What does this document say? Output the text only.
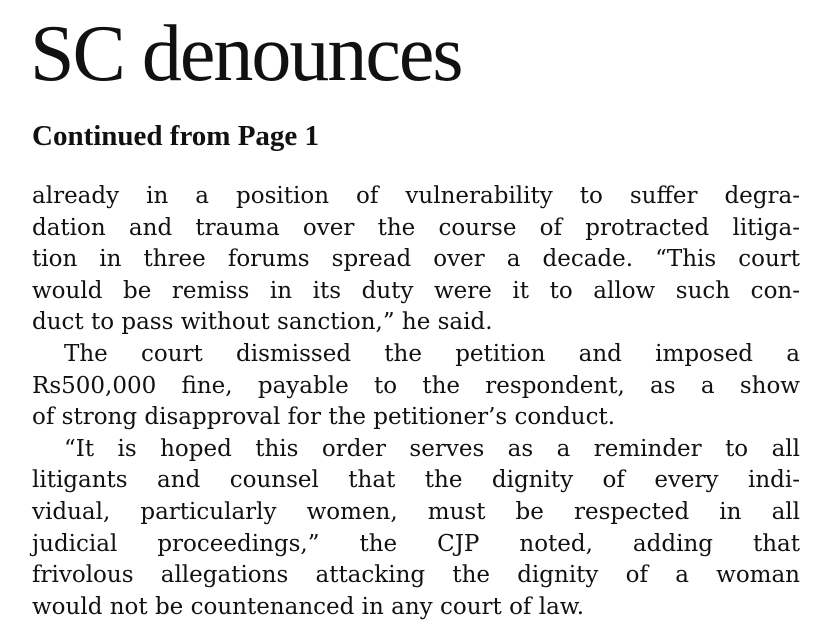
SC denounces
Continued from Page 1
already in a position of vulnerability to suffer degra-
dation and trauma over the course of protracted litiga-
tion in three forums spread over a decade. “This court
would be remiss in its duty were it to allow such con-
duct to pass without sanction,” he said.
The court dismissed the petition and imposed a
Rs500,000 fine, payable to the respondent, as a show
of strong disapproval for the petitioner’s conduct.
“It is hoped this order serves as a reminder to all
litigants and counsel that the dignity of every indi-
vidual, particularly women, must be respected in all
judicial proceedings,” the CJP noted, adding that
frivolous allegations attacking the dignity of a woman
would not be countenanced in any court of law.
